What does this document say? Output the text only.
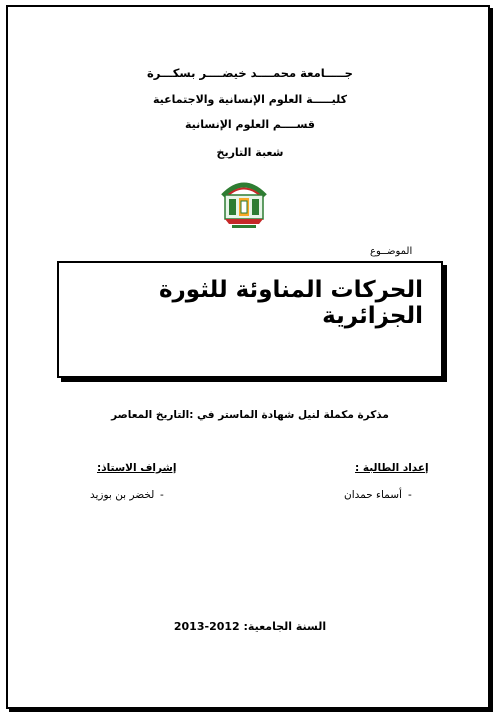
جـــــامعة محمــــد خيضــــر بسكـــرة
كليـــــة العلوم الإنسانية والاجتماعية
قســــم العلوم الإنسانية
شعبة التاريخ
الموضــوع
الحركات المناوئة للثورة الجزائرية
مذكرة مكملة لنيل شهادة الماستر في :التاريخ المعاصر
إعداد الطالبة :
إشراف الاستاذ:
-
أسماء حمدان
-
لخضر بن بوزيد
السنة الجامعية: 2012-2013
